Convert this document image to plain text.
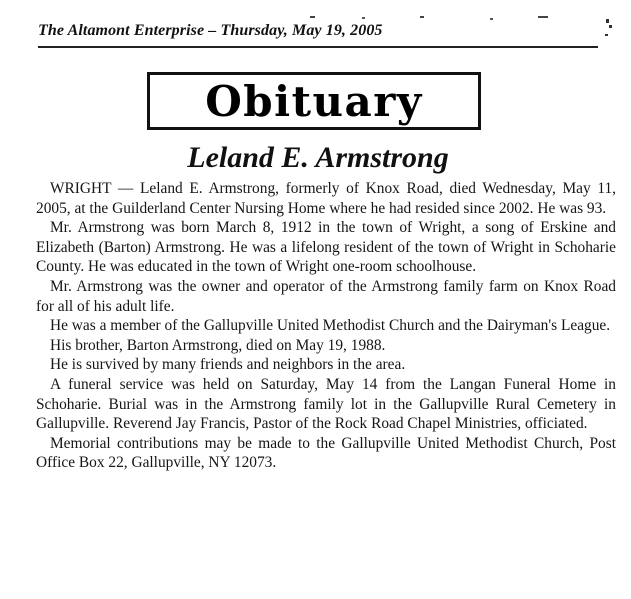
The Altamont Enterprise – Thursday, May 19, 2005
Obituary
Leland E. Armstrong

WRIGHT — Leland E. Armstrong, formerly of Knox Road, died Wednesday, May 11, 2005, at the Guilderland Center Nursing Home where he had resided since 2002. He was 93.

Mr. Armstrong was born March 8, 1912 in the town of Wright, a song of Erskine and Elizabeth (Barton) Armstrong. He was a lifelong resident of the town of Wright in Schoharie County. He was educated in the town of Wright one-room schoolhouse.

Mr. Armstrong was the owner and operator of the Armstrong family farm on Knox Road for all of his adult life.

He was a member of the Gallupville United Methodist Church and the Dairyman's League.

His brother, Barton Armstrong, died on May 19, 1988.

He is survived by many friends and neighbors in the area.

A funeral service was held on Saturday, May 14 from the Langan Funeral Home in Schoharie. Burial was in the Armstrong family lot in the Gallupville Rural Cemetery in Gallupville. Reverend Jay Francis, Pastor of the Rock Road Chapel Ministries, officiated.

Memorial contributions may be made to the Gallupville United Methodist Church, Post Office Box 22, Gallupville, NY 12073.
